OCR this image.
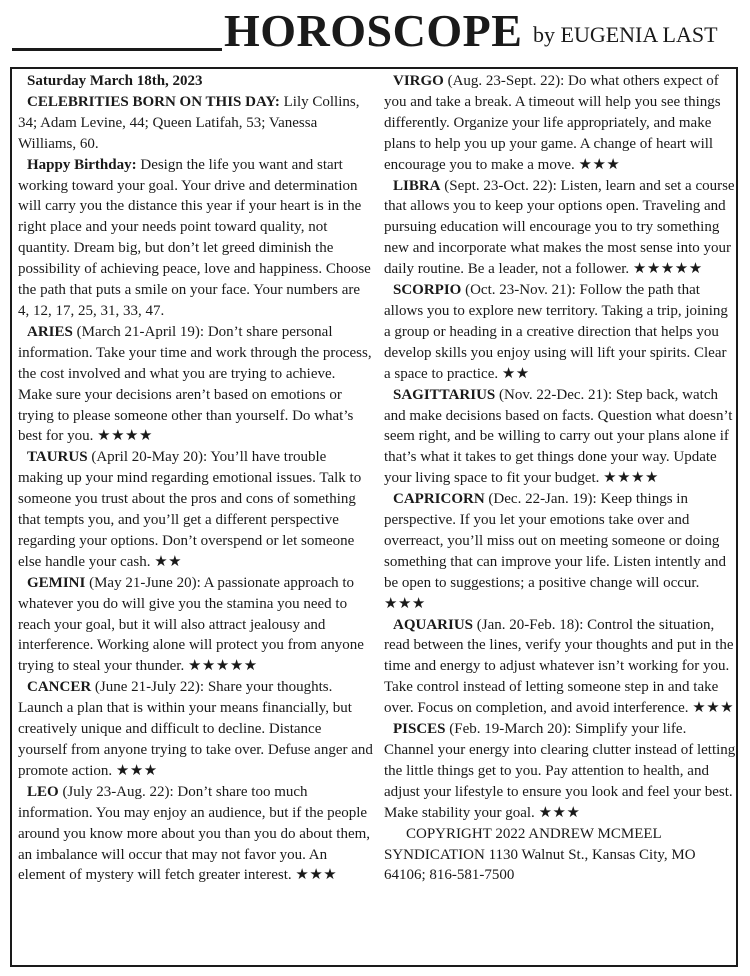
HOROSCOPE by EUGENIA LAST

Saturday March 18th, 2023

CELEBRITIES BORN ON THIS DAY: Lily Collins, 34; Adam Levine, 44; Queen Latifah, 53; Vanessa Williams, 60.

Happy Birthday: Design the life you want and start working toward your goal. Your drive and determination will carry you the distance this year if your heart is in the right place and your needs point toward quality, not quantity. Dream big, but don’t let greed diminish the possibility of achieving peace, love and happiness. Choose the path that puts a smile on your face. Your numbers are 4, 12, 17, 25, 31, 33, 47.

ARIES (March 21-April 19): Don’t share personal information. Take your time and work through the process, the cost involved and what you are trying to achieve. Make sure your decisions aren’t based on emotions or trying to please someone other than yourself. Do what’s best for you. ★★★★

TAURUS (April 20-May 20): You’ll have trouble making up your mind regarding emotional issues. Talk to someone you trust about the pros and cons of something that tempts you, and you’ll get a different perspective regarding your options. Don’t overspend or let someone else handle your cash. ★★

GEMINI (May 21-June 20): A passionate approach to whatever you do will give you the stamina you need to reach your goal, but it will also attract jealousy and interference. Working alone will protect you from anyone trying to steal your thunder. ★★★★★

CANCER (June 21-July 22): Share your thoughts. Launch a plan that is within your means financially, but creatively unique and difficult to decline. Distance yourself from anyone trying to take over. Defuse anger and promote action. ★★★

LEO (July 23-Aug. 22): Don’t share too much information. You may enjoy an audience, but if the people around you know more about you than you do about them, an imbalance will occur that may not favor you. An element of mystery will fetch greater interest. ★★★

VIRGO (Aug. 23-Sept. 22): Do what others expect of you and take a break. A timeout will help you see things differently. Organize your life appropriately, and make plans to help you up your game. A change of heart will encourage you to make a move. ★★★

LIBRA (Sept. 23-Oct. 22): Listen, learn and set a course that allows you to keep your options open. Traveling and pursuing education will encourage you to try something new and incorporate what makes the most sense into your daily routine. Be a leader, not a follower. ★★★★★

SCORPIO (Oct. 23-Nov. 21): Follow the path that allows you to explore new territory. Taking a trip, joining a group or heading in a creative direction that helps you develop skills you enjoy using will lift your spirits. Clear a space to practice. ★★

SAGITTARIUS (Nov. 22-Dec. 21): Step back, watch and make decisions based on facts. Question what doesn’t seem right, and be willing to carry out your plans alone if that’s what it takes to get things done your way. Update your living space to fit your budget. ★★★★

CAPRICORN (Dec. 22-Jan. 19): Keep things in perspective. If you let your emotions take over and overreact, you’ll miss out on meeting someone or doing something that can improve your life. Listen intently and be open to suggestions; a positive change will occur. ★★★

AQUARIUS (Jan. 20-Feb. 18): Control the situation, read between the lines, verify your thoughts and put in the time and energy to adjust whatever isn’t working for you. Take control instead of letting someone step in and take over. Focus on completion, and avoid interference. ★★★

PISCES (Feb. 19-March 20): Simplify your life. Channel your energy into clearing clutter instead of letting the little things get to you. Pay attention to health, and adjust your lifestyle to ensure you look and feel your best. Make stability your goal. ★★★

COPYRIGHT 2022 ANDREW MCMEEL SYNDICATION 1130 Walnut St., Kansas City, MO 64106; 816-581-7500
